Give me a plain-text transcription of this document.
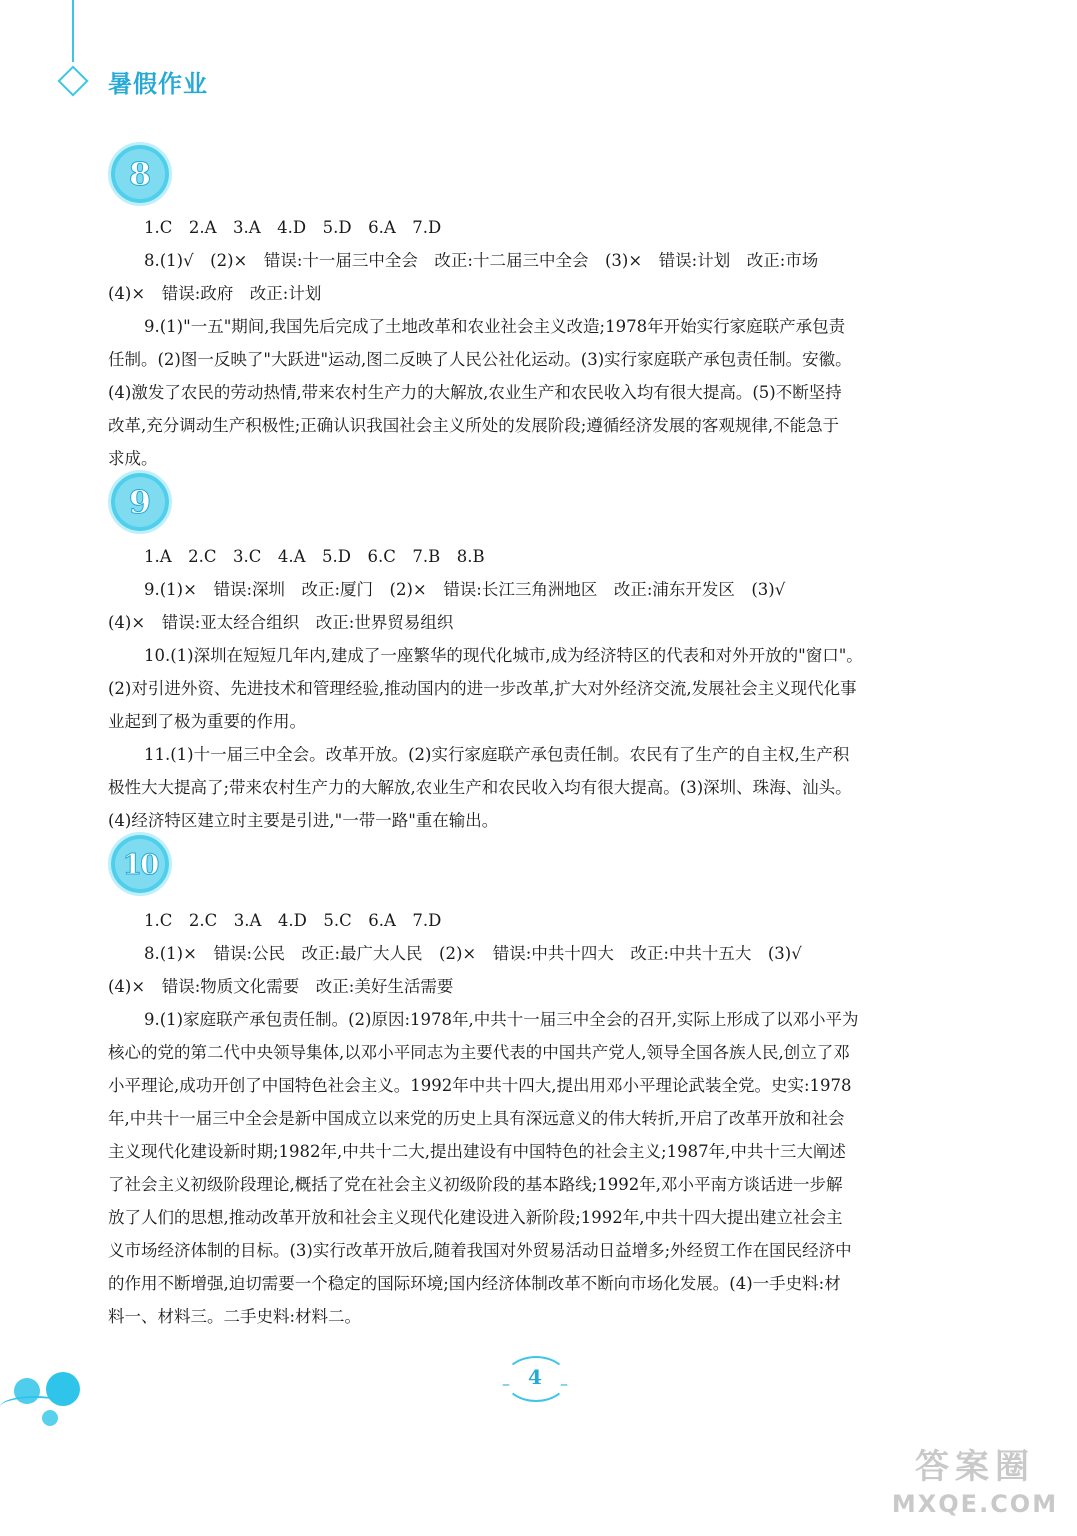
暑假作业
8
1.C　2.A　3.A　4.D　5.D　6.A　7.D
8.(1)√　(2)×　错误:十一届三中全会　改正:十二届三中全会　(3)×　错误:计划　改正:市场
(4)×　错误:政府　改正:计划
9.(1)"一五"期间,我国先后完成了土地改革和农业社会主义改造;1978年开始实行家庭联产承包责
任制。(2)图一反映了"大跃进"运动,图二反映了人民公社化运动。(3)实行家庭联产承包责任制。安徽。
(4)激发了农民的劳动热情,带来农村生产力的大解放,农业生产和农民收入均有很大提高。(5)不断坚持
改革,充分调动生产积极性;正确认识我国社会主义所处的发展阶段;遵循经济发展的客观规律,不能急于
求成。
9
1.A　2.C　3.C　4.A　5.D　6.C　7.B　8.B
9.(1)×　错误:深圳　改正:厦门　(2)×　错误:长江三角洲地区　改正:浦东开发区　(3)√
(4)×　错误:亚太经合组织　改正:世界贸易组织
10.(1)深圳在短短几年内,建成了一座繁华的现代化城市,成为经济特区的代表和对外开放的"窗口"。
(2)对引进外资、先进技术和管理经验,推动国内的进一步改革,扩大对外经济交流,发展社会主义现代化事
业起到了极为重要的作用。
11.(1)十一届三中全会。改革开放。(2)实行家庭联产承包责任制。农民有了生产的自主权,生产积
极性大大提高了;带来农村生产力的大解放,农业生产和农民收入均有很大提高。(3)深圳、珠海、汕头。
(4)经济特区建立时主要是引进,"一带一路"重在输出。
10
1.C　2.C　3.A　4.D　5.C　6.A　7.D
8.(1)×　错误:公民　改正:最广大人民　(2)×　错误:中共十四大　改正:中共十五大　(3)√
(4)×　错误:物质文化需要　改正:美好生活需要
9.(1)家庭联产承包责任制。(2)原因:1978年,中共十一届三中全会的召开,实际上形成了以邓小平为
核心的党的第二代中央领导集体,以邓小平同志为主要代表的中国共产党人,领导全国各族人民,创立了邓
小平理论,成功开创了中国特色社会主义。1992年中共十四大,提出用邓小平理论武装全党。史实:1978
年,中共十一届三中全会是新中国成立以来党的历史上具有深远意义的伟大转折,开启了改革开放和社会
主义现代化建设新时期;1982年,中共十二大,提出建设有中国特色的社会主义;1987年,中共十三大阐述
了社会主义初级阶段理论,概括了党在社会主义初级阶段的基本路线;1992年,邓小平南方谈话进一步解
放了人们的思想,推动改革开放和社会主义现代化建设进入新阶段;1992年,中共十四大提出建立社会主
义市场经济体制的目标。(3)实行改革开放后,随着我国对外贸易活动日益增多;外经贸工作在国民经济中
的作用不断增强,迫切需要一个稳定的国际环境;国内经济体制改革不断向市场化发展。(4)一手史料:材
料一、材料三。二手史料:材料二。
– 4	–
答案圈
MXQE.COM
